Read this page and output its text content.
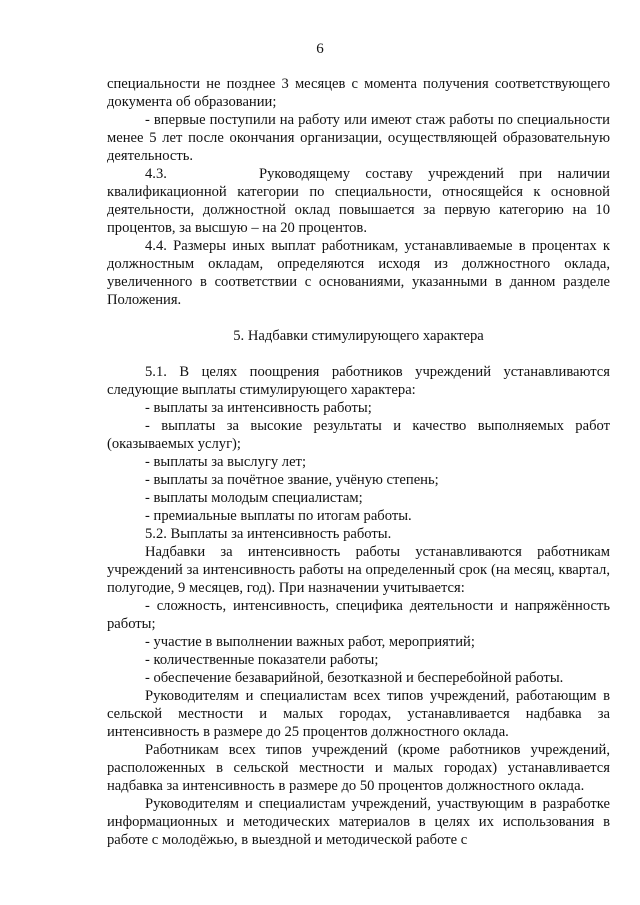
6

специальности не позднее 3 месяцев с момента получения соответствующего документа об образовании;

- впервые поступили на работу или имеют стаж работы по специальности менее 5 лет после окончания организации, осуществляющей образовательную деятельность.

4.3.      Руководящему составу учреждений при наличии квалификационной категории по специальности, относящейся к основной деятельности, должностной оклад повышается за первую категорию на 10 процентов, за высшую – на 20 процентов.

4.4. Размеры иных выплат работникам, устанавливаемые в процентах к должностным окладам, определяются исходя из должностного оклада, увеличенного в соответствии с основаниями, указанными в данном разделе Положения.

5. Надбавки стимулирующего характера

5.1. В целях поощрения работников учреждений устанавливаются следующие выплаты стимулирующего характера:

- выплаты за интенсивность работы;

- выплаты за высокие результаты и качество выполняемых работ (оказываемых услуг);

- выплаты за выслугу лет;

- выплаты за почётное звание, учёную степень;

- выплаты молодым специалистам;

- премиальные выплаты по итогам работы.

5.2. Выплаты за интенсивность работы.

Надбавки за интенсивность работы устанавливаются работникам учреждений за интенсивность работы на определенный срок (на месяц, квартал, полугодие, 9 месяцев, год). При назначении учитывается:

- сложность, интенсивность, специфика деятельности и напряжённость работы;

- участие в выполнении важных работ, мероприятий;

- количественные показатели работы;

- обеспечение безаварийной, безотказной и бесперебойной работы.

Руководителям и специалистам всех типов учреждений, работающим в сельской местности и малых городах, устанавливается надбавка за интенсивность в размере до 25 процентов должностного оклада.

Работникам всех типов учреждений (кроме работников учреждений, расположенных в сельской местности и малых городах) устанавливается надбавка за интенсивность в размере до 50 процентов должностного оклада.

Руководителям и специалистам учреждений, участвующим в разработке информационных и методических материалов в целях их использования в работе с молодёжью, в выездной и методической работе с
